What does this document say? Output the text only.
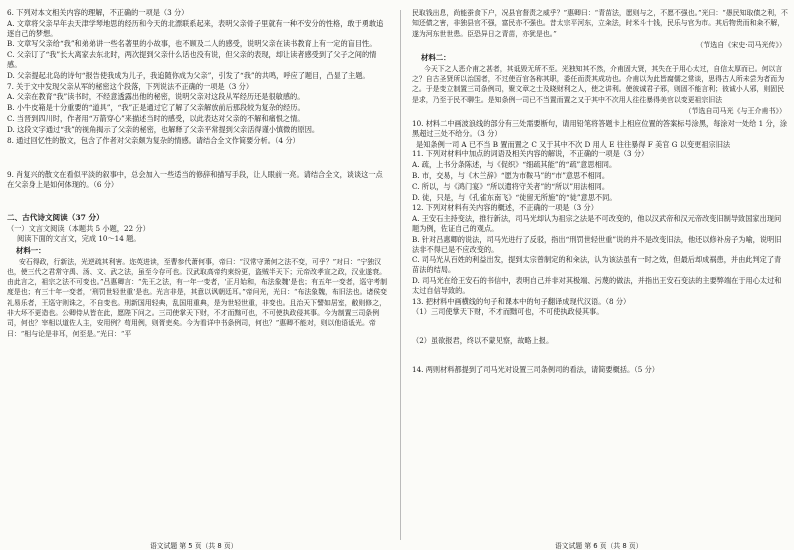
6. 下列对本文相关内容的理解，不正确的一项是（3 分）

A. 文章将父亲早年去天津学琴地思的经历和今天的北漂联系起来，表明父亲骨子里就有一种不安分的性格，敢于勇敢追逐自己的梦想。

B. 文章写父亲给“我”和弟弟讲一些名著里的小故事，也不顾及二人的感受，说明父亲在读书教育上有一定的盲目性。

C. 父亲订了“我”长大离家去东北时，两次提到父亲什么话也没有说，但父亲的表现，却让读者感受到了父子之间的情感。

D. 父亲提起北岛的诗句“报告使我成为儿子，我追随你成为父亲”，引发了“我”的共鸣，呼应了题目，凸显了主题。

7. 关于文中发现父亲从军的秘密这个段落，下列说法不正确的一项是（3 分）

A. 父亲在教育“我”读书时，不经意透露出他的秘密，说明父亲对这段从军经历还是很敏感的。

B. 小牛皮箱是十分重要的“道具”，“我”正是通过它了解了父亲解放前后那段较为复杂的经历。

C. 当晋到四川时，作者用“万箭穿心”来描述当时的感受，以此表达对父亲的不解和痛恨之情。

D. 这段文字通过“我”的视角揭示了父亲的秘密，也解释了父亲平常提到父亲活得谨小慎微的原因。

8. 通过回忆性的散文，包含了作者对父亲颇为复杂的情感。请结合全文作简要分析。（4 分）

9. 肖复兴的散文在看似平淡的叙事中，总会加入一些适当的修辞和描写手段，让人眼前一亮。请结合全文，谈谈这一点在父亲身上是如何体现的。（6 分）

二、古代诗文阅读（37 分）

（一）文言文阅读（本题共 5 小题，22 分）

阅读下面的文言文，完成 10～14 题。

材料一：

安石得政，行新法，光逆疏其利害。迩英进读，至曹参代萧何事，帝曰：“汉常守萧何之法不变，可乎？”对曰：“宁独汉也，使三代之君常守禹、汤、文、武之法，虽至今存可也。汉武取高帝约束纷更，盗贼半天下；元帝改孝宣之政，汉业遂衰。由此言之，祖宗之法不可变也。”吕惠卿言：“先王之法，有一年一变者，‘正月始和，布法象魏’是也；有五年一变者，巡守考制度是也；有三十年一变者，‘刑罚世轻世重’是也。光言非是，其意以讽朝廷耳。”帝问光，光曰：“布法象魏，布旧法也。诸侯变礼易乐者，王巡守则诛之，不自变也。刑新国用轻典，乱国用重典，是为世轻世重，非变也。且治天下譬如居室，敝则修之，非大坏不更造也。公卿侍从皆在此，愿陛下问之。三司使掌天下财，不才而黜可也，不可使执政侵其事。今为制置三司条例司，何也？宰相以道佐人主，安用例？苟用例，则胥吏矣。今为看详中书条例司，何也？”惠卿不能对，则以他语诋光。帝曰：“相与论是非耳，何至是。”光曰：“平

民取钱出息，尚能蚕食下户，况县官督责之威乎？”惠卿曰：“青苗法，愿则与之，不愿不强也。”光曰：“愚民知取债之利，不知还债之害，非独县官不强，富民亦不强也。昔太宗平河东，立籴法，时米斗十钱，民乐与官为市。其后物贵而和籴不解，遂为河东世世患。臣恐异日之青苗，亦犹是也。”

（节选自《宋史·司马光传》）

材料二：

今天下之人恶介甫之甚者，其诋毁无所不至。光独知其不然，介甫固大贤，其失在于用心太过，自信太厚而已。何以言之？自古圣贤所以治国者，不过使百官各称其职，委任而责其成功也。介甫以为此皆腐儒之常谈，思得古人所未尝为者而为之。于是变立制置三司条例司，聚文章之士及晓财利之人，使之讲利。使彼诚君子邪，则固不能言利；彼诚小人邪，则固民是求，乃至于民不聊生。是知条例一司已不当置而置之又于其中不次用人往往暴得美官以变更祖宗旧法

（节选自司马光《与王介甫书》）

10. 材料二中画波浪线的部分有三处需要断句，请用铅笔将答题卡上相应位置的答案标号涂黑，每涂对一处给 1 分，涂黑超过三处不给分。（3 分）

是知条例一司 A 已不当 B 置而置之 C 又于其中不次 D 用人 E 往往暴得 F 美官 G 以变更祖宗旧法

11. 下列对材料中加点的词语及相关内容的解说，不正确的一项是（3 分）

A. 疏，上书分条陈述，与《促织》“细疏其能”的“疏”意思相同。

B. 市，交易，与《木兰辞》“愿为市鞍马”的“市”意思不相同。

C. 所以，与《鸿门宴》“所以遣将守关者”的“所以”用法相同。

D. 徒，只是，与《孔雀东南飞》“徒留无所施”的“徒”意思不同。

12. 下列对材料有关内容的概述，不正确的一项是（3 分）

A. 王安石主持变法，推行新法，司马光却认为祖宗之法是不可改变的，他以汉武帝和汉元帝改变旧制导致国家出现问题为例，佐证自己的观点。

B. 针对吕惠卿的说法，司马光进行了反驳，指出“刑罚世轻世重”说的并不是改变旧法，他还以修补房子为喻，说明旧法非不得已是不应改变的。

C. 司马光从百姓的利益出发，提到太宗曾制定的和籴法，认为该法虽有一时之效，但最后却成祸患，并由此判定了青苗法的结局。

D. 司马光在给王安石的书信中，表明自己并非对其极端、污蔑的做法，并指出王安石变法的主要弊端在于用心太过和太过自信导致的。

13. 把材料中画横线的句子和课本中的句子翻译成现代汉语。（8 分）

（1）三司使掌天下财，不才而黜可也，不可使执政侵其事。

（2）虽欲报君，终以不蒙见察，故略上报。

14. 两则材料都提到了司马光对设置三司条例司的看法，请简要概括。（5 分）

语文试题 第 5 页（共 8 页）	语文试题 第 6 页（共 8 页）
